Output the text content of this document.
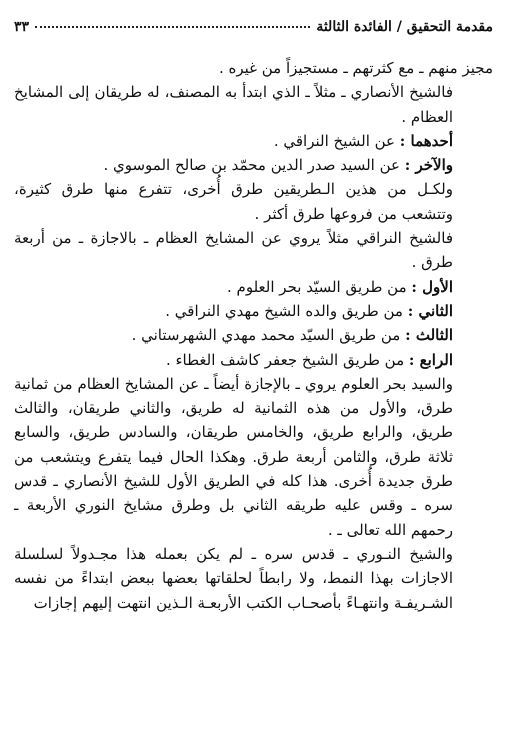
مقدمة التحقيق / الفائدة الثالثة
٣٣

مجيز منهم ـ مع كثرتهم ـ مستجيزاً من غيره .

فالشيخ الأنصاري ـ مثلاً ـ الذي ابتدأ به المصنف، له طريقان إلى المشايخ العظام .

أحدهما : عن الشيخ النراقي .

والآخر : عن السيد صدر الدين محمّد بن صالح الموسوي .

ولكـل من هذين الـطريقين طرق أُخرى، تتفرع منها طرق كثيرة، وتتشعب من فروعها طرق أكثر .

فالشيخ النراقي مثلاً يروي عن المشايخ العظام ـ بالاجازة ـ من أربعة طرق .

الأول : من طريق السيّد بحر العلوم .

الثاني : من طريق والده الشيخ مهدي النراقي .

الثالث : من طريق السيّد محمد مهدي الشهرستاني .

الرابع : من طريق الشيخ جعفر كاشف الغطاء .

والسيد بحر العلوم يروي ـ بالإجازة أيضاً ـ عن المشايخ العظام من ثمانية طرق، والأول من هذه الثمانية له طريق، والثاني طريقان، والثالث طريق، والرابع طريق، والخامس طريقان، والسادس طريق، والسابع ثلاثة طرق، والثامن أربعة طرق. وهكذا الحال فيما يتفرع ويتشعب من طرق جديدة أُخرى. هذا كله في الطريق الأول للشيخ الأنصاري ـ قدس سره ـ وقس عليه طريقه الثاني بل وطرق مشايخ النوري الأربعة ـ رحمهم الله تعالى ـ .

والشيخ النـوري ـ قدس سره ـ لم يكن بعمله هذا مجـدولاً لسلسلة الاجازات بهذا النمط، ولا رابطاً لحلقاتها بعضها ببعض ابتداءً من نفسه الشـريفـة وانتهـاءً بأصحـاب الكتب الأربعـة الـذين انتهت إليهم إجازات
